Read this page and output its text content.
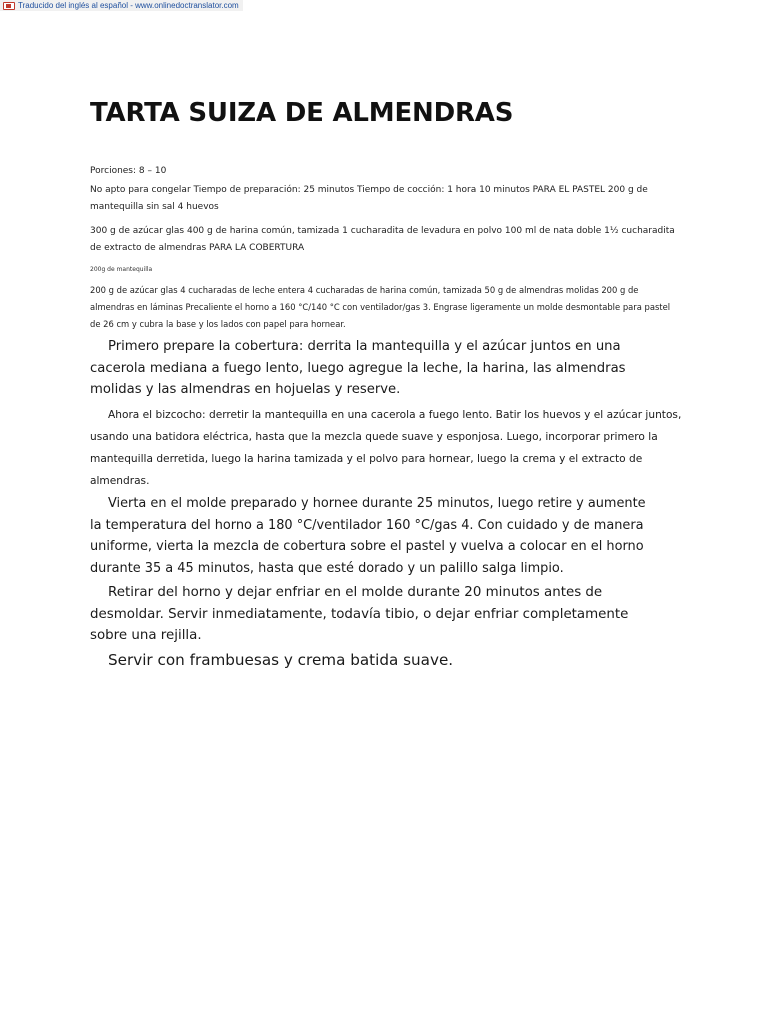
Traducido del inglés al español - www.onlinedoctranslator.com
TARTA SUIZA DE ALMENDRAS

Porciones: 8 – 10

No apto para congelar Tiempo de preparación: 25 minutos Tiempo de cocción: 1 hora 10 minutos PARA EL PASTEL 200 g de mantequilla sin sal 4 huevos

300 g de azúcar glas 400 g de harina común, tamizada 1 cucharadita de levadura en polvo 100 ml de nata doble 1½ cucharadita de extracto de almendras PARA LA COBERTURA

200g de mantequilla

200 g de azúcar glas 4 cucharadas de leche entera 4 cucharadas de harina común, tamizada 50 g de almendras molidas 200 g de almendras en láminas Precaliente el horno a 160 °C/140 °C con ventilador/gas 3. Engrase ligeramente un molde desmontable para pastel de 26 cm y cubra la base y los lados con papel para hornear.

Primero prepare la cobertura: derrita la mantequilla y el azúcar juntos en una cacerola mediana a fuego lento, luego agregue la leche, la harina, las almendras molidas y las almendras en hojuelas y reserve.

Ahora el bizcocho: derretir la mantequilla en una cacerola a fuego lento. Batir los huevos y el azúcar juntos, usando una batidora eléctrica, hasta que la mezcla quede suave y esponjosa. Luego, incorporar primero la mantequilla derretida, luego la harina tamizada y el polvo para hornear, luego la crema y el extracto de almendras.

Vierta en el molde preparado y hornee durante 25 minutos, luego retire y aumente la temperatura del horno a 180 °C/ventilador 160 °C/gas 4. Con cuidado y de manera uniforme, vierta la mezcla de cobertura sobre el pastel y vuelva a colocar en el horno durante 35 a 45 minutos, hasta que esté dorado y un palillo salga limpio.

Retirar del horno y dejar enfriar en el molde durante 20 minutos antes de desmoldar. Servir inmediatamente, todavía tibio, o dejar enfriar completamente sobre una rejilla.

Servir con frambuesas y crema batida suave.
